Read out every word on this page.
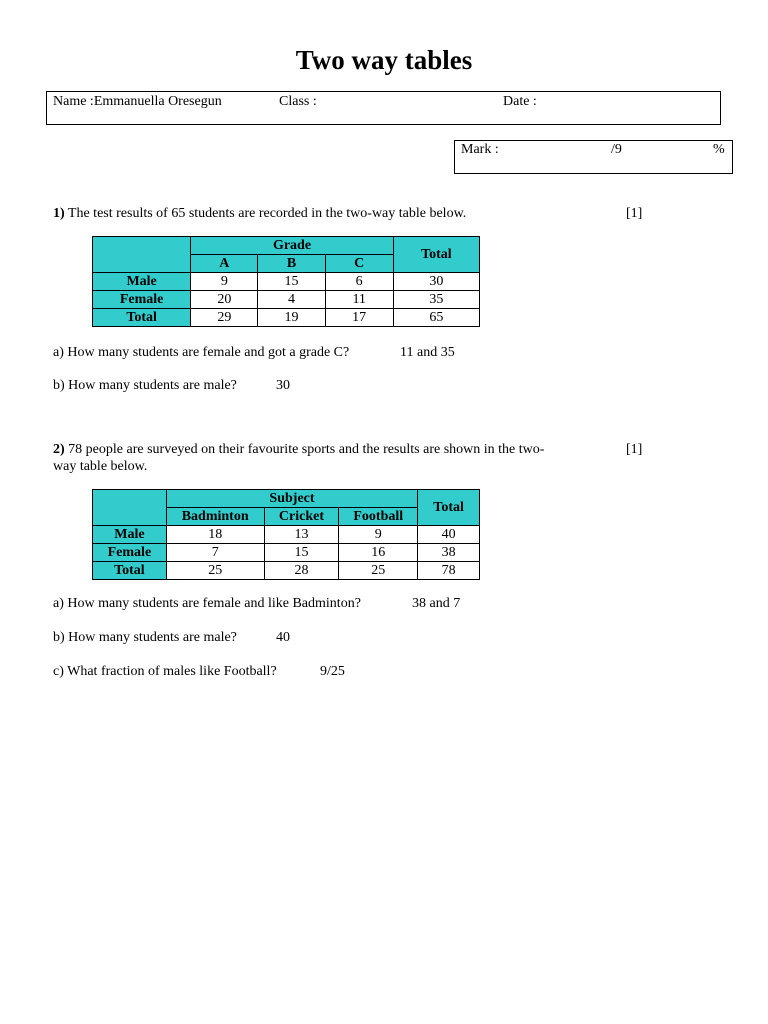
Two way tables
Name :Emmanuella Oresegun	Class :	Date :
Mark :	/9	%
1) The test results of 65 students are recorded in the two-way table below.	[1]
	Grade			Total
	A	B	C	
Male	9	15	6	30
Female	20	4	11	35
Total	29	19	17	65
a) How many students are female and got a grade C?	11 and 35
b) How many students are male?	30
2) 78 people are surveyed on their favourite sports and the results are shown in the two-
way table below.
[1]
	Subject			Total
	Badminton	Cricket	Football	
Male	18	13	9	40
Female	7	15	16	38
Total	25	28	25	78
a) How many students are female and like Badminton?	38 and 7
b) How many students are male?	40
c) What fraction of males like Football?	9/25
